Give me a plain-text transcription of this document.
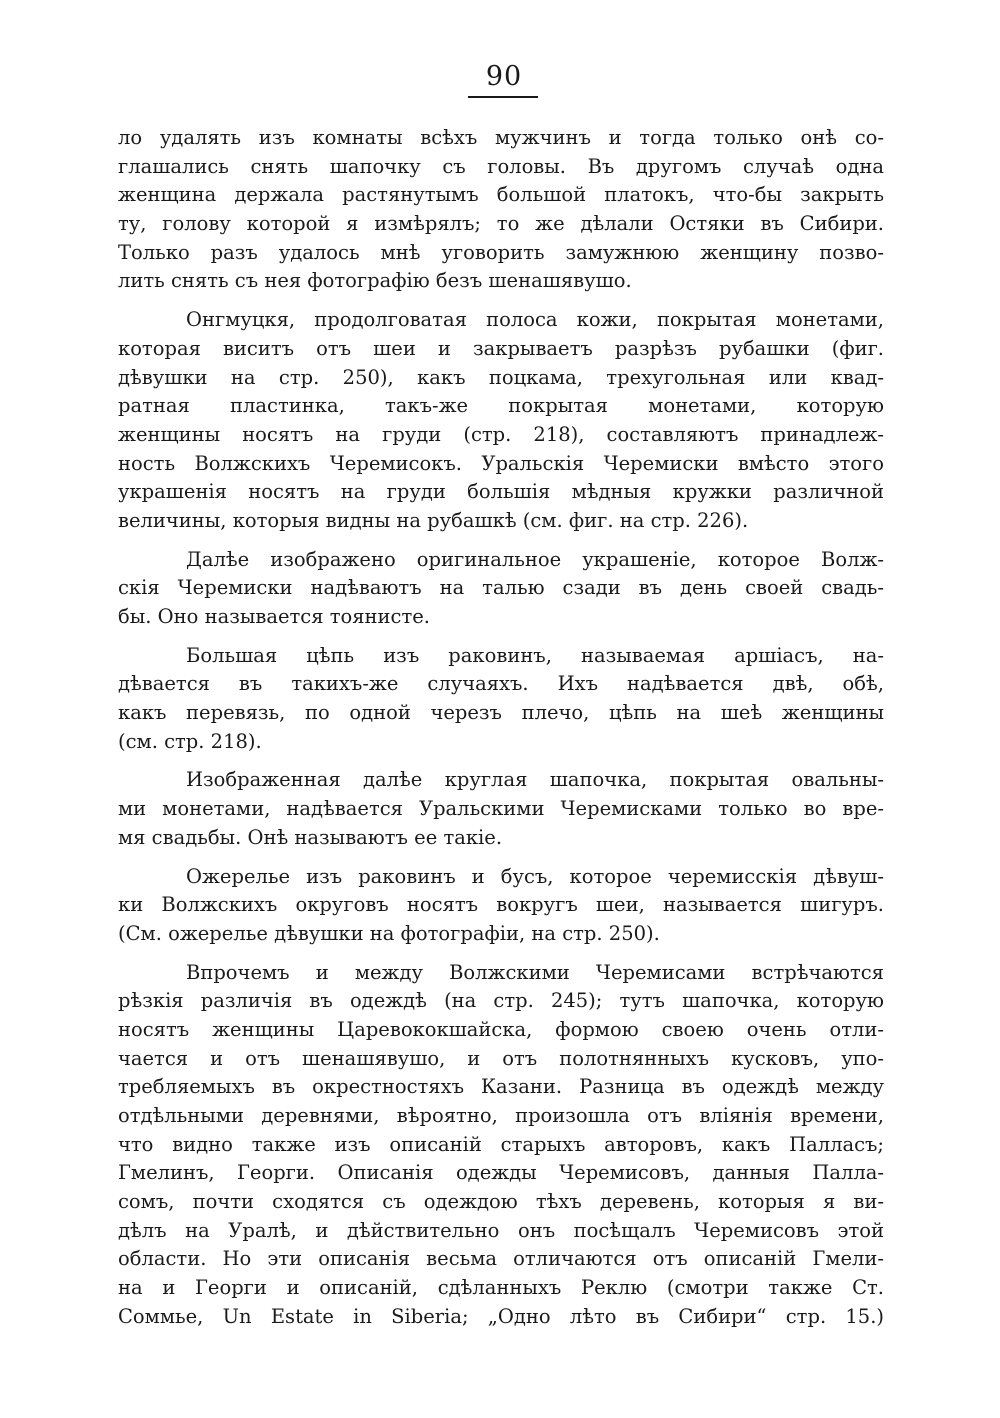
90
ло удалять изъ комнаты всѣхъ мужчинъ и тогда только онѣ со-
глашались снять шапочку съ головы. Въ другомъ случаѣ одна
женщина держала растянутымъ большой платокъ, что-бы закрыть
ту, голову которой я измѣрялъ; то же дѣлали Остяки въ Сибири.
Только разъ удалось мнѣ уговорить замужнюю женщину позво-
лить снять съ нея фотографію безъ шенашявушо.
Онгмуцкя, продолговатая полоса кожи, покрытая монетами,
которая виситъ отъ шеи и закрываетъ разрѣзъ рубашки (фиг.
дѣвушки на стр. 250), какъ поцкама, трехугольная или квад-
ратная пластинка, такъ-же покрытая монетами, которую
женщины носятъ на груди (стр. 218), составляютъ принадлеж-
ность Волжскихъ Черемисокъ. Уральскія Черемиски вмѣсто этого
украшенія носятъ на груди большія мѣдныя кружки различной
величины, которыя видны на рубашкѣ (см. фиг. на стр. 226).
Далѣе изображено оригинальное украшеніе, которое Волж-
скія Черемиски надѣваютъ на талью сзади въ день своей свадь-
бы. Оно называется тоянисте.
Большая цѣпь изъ раковинъ, называемая аршіасъ, на-
дѣвается въ такихъ-же случаяхъ. Ихъ надѣвается двѣ, обѣ,
какъ перевязь, по одной черезъ плечо, цѣпь на шеѣ женщины
(см. стр. 218).
Изображенная далѣе круглая шапочка, покрытая овальны-
ми монетами, надѣвается Уральскими Черемисками только во вре-
мя свадьбы. Онѣ называютъ ее такіе.
Ожерелье изъ раковинъ и бусъ, которое черемисскія дѣвуш-
ки Волжскихъ округовъ носятъ вокругъ шеи, называется шигуръ.
(См. ожерелье дѣвушки на фотографіи, на стр. 250).
Впрочемъ и между Волжскими Черемисами встрѣчаются
рѣзкія различія въ одеждѣ (на стр. 245); тутъ шапочка, которую
носятъ женщины Царевококшайска, формою своею очень отли-
чается и отъ шенашявушо, и отъ полотнянныхъ кусковъ, упо-
требляемыхъ въ окрестностяхъ Казани. Разница въ одеждѣ между
отдѣльными деревнями, вѣроятно, произошла отъ вліянія времени,
что видно также изъ описаній старыхъ авторовъ, какъ Палласъ;
Гмелинъ, Георги. Описанія одежды Черемисовъ, данныя Палла-
сомъ, почти сходятся съ одеждою тѣхъ деревень, которыя я ви-
дѣлъ на Уралѣ, и дѣйствительно онъ посѣщалъ Черемисовъ этой
области. Но эти описанія весьма отличаются отъ описаній Гмели-
на и Георги и описаній, сдѣланныхъ Реклю (смотри также Ст.
Соммье, Un Estate in Siberia; „Одно лѣто въ Сибири“ стр. 15.)
